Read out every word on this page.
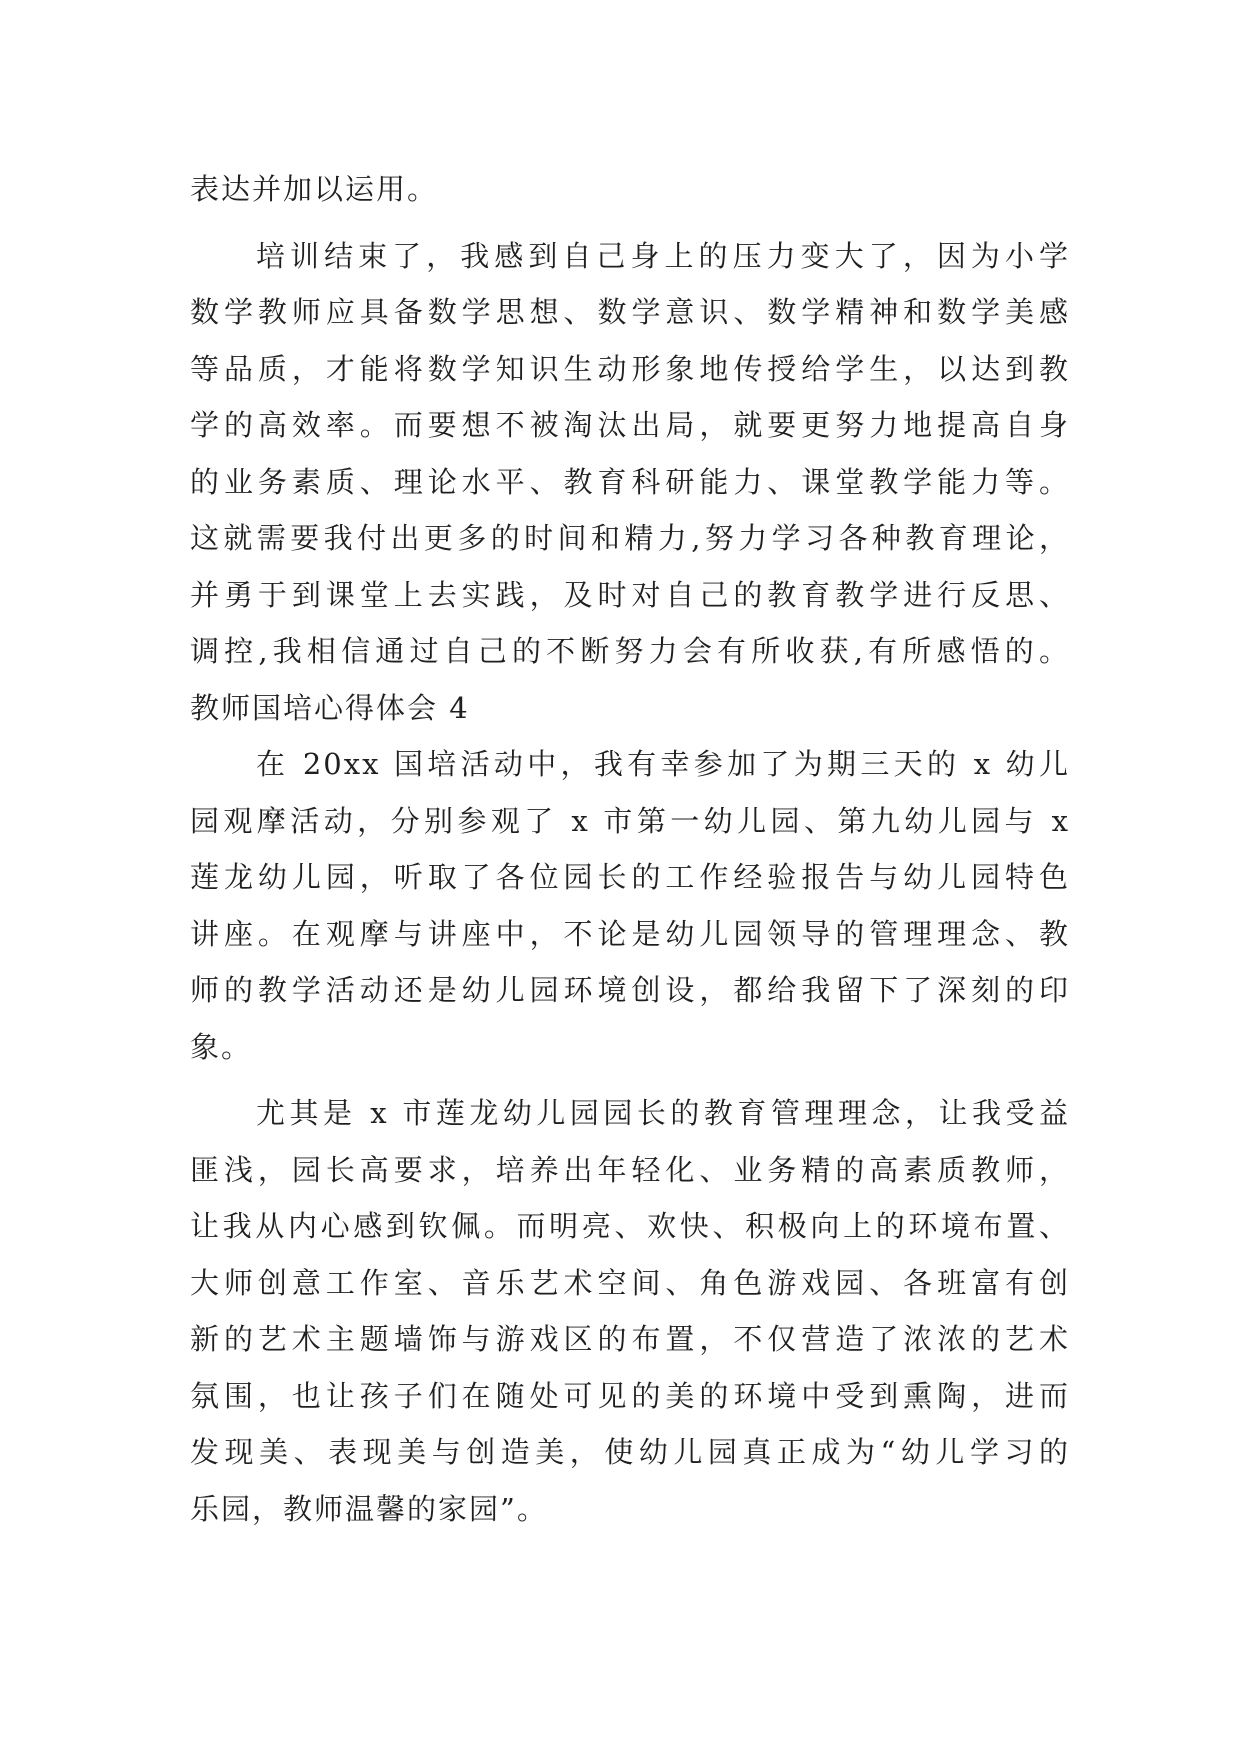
表达并加以运用。
培训结束了，我感到自己身上的压力变大了，因为小学
数学教师应具备数学思想、数学意识、数学精神和数学美感
等品质，才能将数学知识生动形象地传授给学生，以达到教
学的高效率。而要想不被淘汰出局，就要更努力地提高自身
的业务素质、理论水平、教育科研能力、课堂教学能力等。
这就需要我付出更多的时间和精力,努力学习各种教育理论，
并勇于到课堂上去实践，及时对自己的教育教学进行反思、
调控,我相信通过自己的不断努力会有所收获,有所感悟的。
教师国培心得体会 4
在 20xx 国培活动中，我有幸参加了为期三天的 x 幼儿
园观摩活动，分别参观了 x 市第一幼儿园、第九幼儿园与 x
莲龙幼儿园，听取了各位园长的工作经验报告与幼儿园特色
讲座。在观摩与讲座中，不论是幼儿园领导的管理理念、教
师的教学活动还是幼儿园环境创设，都给我留下了深刻的印
象。
尤其是 x 市莲龙幼儿园园长的教育管理理念，让我受益
匪浅，园长高要求，培养出年轻化、业务精的高素质教师，
让我从内心感到钦佩。而明亮、欢快、积极向上的环境布置、
大师创意工作室、音乐艺术空间、角色游戏园、各班富有创
新的艺术主题墙饰与游戏区的布置，不仅营造了浓浓的艺术
氛围，也让孩子们在随处可见的美的环境中受到熏陶，进而
发现美、表现美与创造美，使幼儿园真正成为“幼儿学习的
乐园，教师温馨的家园”。
